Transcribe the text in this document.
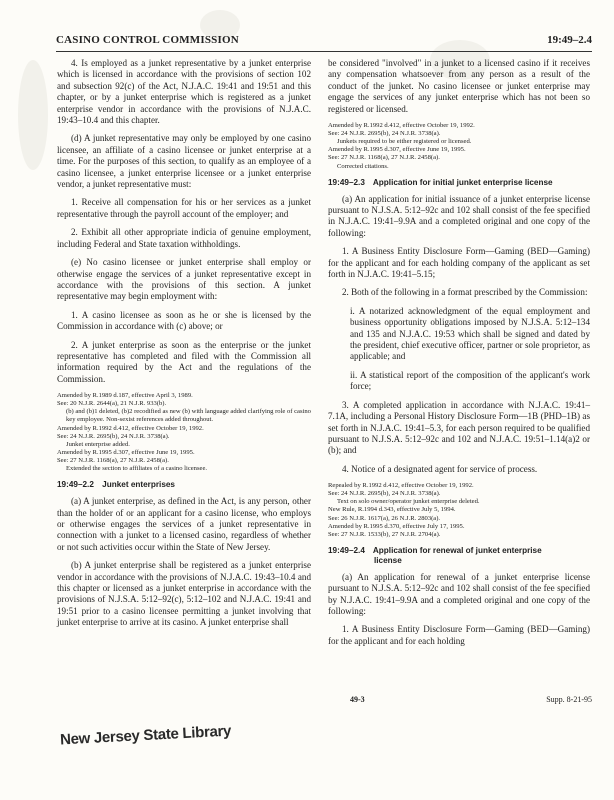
CASINO CONTROL COMMISSION	19:49–2.4

4. Is employed as a junket representative by a junket enterprise which is licensed in accordance with the provisions of section 102 and subsection 92(c) of the Act, N.J.A.C. 19:41 and 19:51 and this chapter, or by a junket enterprise which is registered as a junket enterprise vendor in accordance with the provisions of N.J.A.C. 19:43–10.4 and this chapter.

(d) A junket representative may only be employed by one casino licensee, an affiliate of a casino licensee or junket enterprise at a time. For the purposes of this section, to qualify as an employee of a casino licensee, a junket enterprise licensee or a junket enterprise vendor, a junket representative must:

1. Receive all compensation for his or her services as a junket representative through the payroll account of the employer; and

2. Exhibit all other appropriate indicia of genuine employment, including Federal and State taxation withholdings.

(e) No casino licensee or junket enterprise shall employ or otherwise engage the services of a junket representative except in accordance with the provisions of this section. A junket representative may begin employment with:

1. A casino licensee as soon as he or she is licensed by the Commission in accordance with (c) above; or

2. A junket enterprise as soon as the enterprise or the junket representative has completed and filed with the Commission all information required by the Act and the regulations of the Commission.

Amended by R.1989 d.187, effective April 3, 1989.
See: 20 N.J.R. 2644(a), 21 N.J.R. 933(b).
(b) and (b)1 deleted, (b)2 recodified as new (b) with language added clarifying role of casino key employee. Non-sexist references added throughout.
Amended by R.1992 d.412, effective October 19, 1992.
See: 24 N.J.R. 2695(b), 24 N.J.R. 3738(a).
Junket enterprise added.
Amended by R.1995 d.307, effective June 19, 1995.
See: 27 N.J.R. 1168(a), 27 N.J.R. 2458(a).
Extended the section to affiliates of a casino licensee.
19:49–2.2 Junket enterprises

(a) A junket enterprise, as defined in the Act, is any person, other than the holder of or an applicant for a casino license, who employs or otherwise engages the services of a junket representative in connection with a junket to a licensed casino, regardless of whether or not such activities occur within the State of New Jersey.

(b) A junket enterprise shall be registered as a junket enterprise vendor in accordance with the provisions of N.J.A.C. 19:43–10.4 and this chapter or licensed as a junket enterprise in accordance with the provisions of N.J.S.A. 5:12–92(c), 5:12–102 and N.J.A.C. 19:41 and 19:51 prior to a casino licensee permitting a junket involving that junket enterprise to arrive at its casino. A junket enterprise shall

be considered "involved" in a junket to a licensed casino if it receives any compensation whatsoever from any person as a result of the conduct of the junket. No casino licensee or junket enterprise may engage the services of any junket enterprise which has not been so registered or licensed.

Amended by R.1992 d.412, effective October 19, 1992.
See: 24 N.J.R. 2695(b), 24 N.J.R. 3738(a).
Junkets required to be either registered or licensed.
Amended by R.1995 d.307, effective June 19, 1995.
See: 27 N.J.R. 1168(a), 27 N.J.R. 2458(a).
Corrected citations.
19:49–2.3 Application for initial junket enterprise license

(a) An application for initial issuance of a junket enterprise license pursuant to N.J.S.A. 5:12–92c and 102 shall consist of the fee specified in N.J.A.C. 19:41–9.9A and a completed original and one copy of the following:

1. A Business Entity Disclosure Form—Gaming (BED—Gaming) for the applicant and for each holding company of the applicant as set forth in N.J.A.C. 19:41–5.15;

2. Both of the following in a format prescribed by the Commission:

i. A notarized acknowledgment of the equal employment and business opportunity obligations imposed by N.J.S.A. 5:12–134 and 135 and N.J.A.C. 19:53 which shall be signed and dated by the president, chief executive officer, partner or sole proprietor, as applicable; and

ii. A statistical report of the composition of the applicant's work force;

3. A completed application in accordance with N.J.A.C. 19:41–7.1A, including a Personal History Disclosure Form—1B (PHD–1B) as set forth in N.J.A.C. 19:41–5.3, for each person required to be qualified pursuant to N.J.S.A. 5:12–92c and 102 and N.J.A.C. 19:51–1.14(a)2 or (b); and

4. Notice of a designated agent for service of process.

Repealed by R.1992 d.412, effective October 19, 1992.
See: 24 N.J.R. 2695(b), 24 N.J.R. 3738(a).
Text on solo owner/operator junket enterprise deleted.
New Rule, R.1994 d.343, effective July 5, 1994.
See: 26 N.J.R. 1617(a), 26 N.J.R. 2803(a).
Amended by R.1995 d.370, effective July 17, 1995.
See: 27 N.J.R. 1533(b), 27 N.J.R. 2704(a).
19:49–2.4 Application for renewal of junket enterprise
license

(a) An application for renewal of a junket enterprise license pursuant to N.J.S.A. 5:12–92c and 102 shall consist of the fee specified by N.J.A.C. 19:41–9.9A and a completed original and one copy of the following:

1. A Business Entity Disclosure Form—Gaming (BED—Gaming) for the applicant and for each holding

49-3	Supp. 8-21-95
New Jersey State Library
